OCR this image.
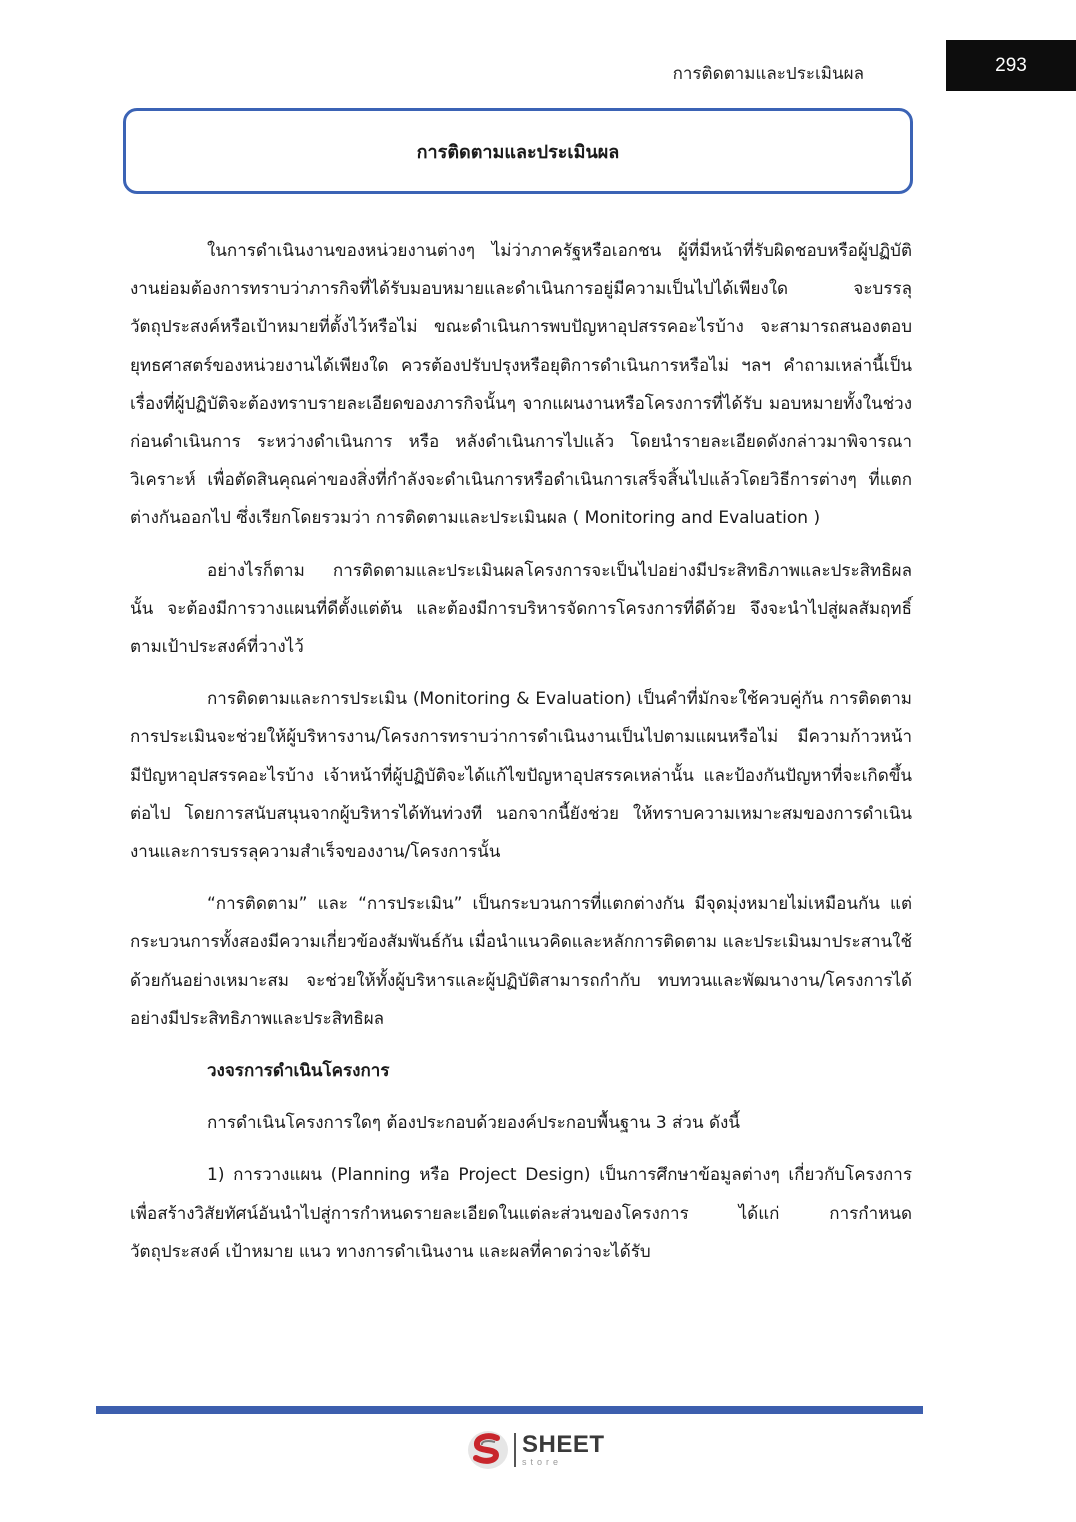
การติดตามและประเมินผล	293
การติดตามและประเมินผล

ในการดำเนินงานของหน่วยงานต่างๆ ไม่ว่าภาครัฐหรือเอกชน ผู้ที่มีหน้าที่รับผิดชอบหรือผู้ปฏิบัติงานย่อมต้องการทราบว่าภารกิจที่ได้รับมอบหมายและดำเนินการอยู่มีความเป็นไปได้เพียงใด จะบรรลุวัตถุประสงค์หรือเป้าหมายที่ตั้งไว้หรือไม่ ขณะดำเนินการพบปัญหาอุปสรรคอะไรบ้าง จะสามารถสนองตอบยุทธศาสตร์ของหน่วยงานได้เพียงใด ควรต้องปรับปรุงหรือยุติการดำเนินการหรือไม่ ฯลฯ คำถามเหล่านี้เป็นเรื่องที่ผู้ปฏิบัติจะต้องทราบรายละเอียดของภารกิจนั้นๆ จากแผนงานหรือโครงการที่ได้รับ มอบหมายทั้งในช่วงก่อนดำเนินการ ระหว่างดำเนินการ หรือ หลังดำเนินการไปแล้ว โดยนำรายละเอียดดังกล่าวมาพิจารณา วิเคราะห์ เพื่อตัดสินคุณค่าของสิ่งที่กำลังจะดำเนินการหรือดำเนินการเสร็จสิ้นไปแล้วโดยวิธีการต่างๆ ที่แตกต่างกันออกไป ซึ่งเรียกโดยรวมว่า การติดตามและประเมินผล ( Monitoring and Evaluation )

อย่างไรก็ตาม การติดตามและประเมินผลโครงการจะเป็นไปอย่างมีประสิทธิภาพและประสิทธิผลนั้น จะต้องมีการวางแผนที่ดีตั้งแต่ต้น และต้องมีการบริหารจัดการโครงการที่ดีด้วย จึงจะนำไปสู่ผลสัมฤทธิ์ตามเป้าประสงค์ที่วางไว้

การติดตามและการประเมิน (Monitoring & Evaluation) เป็นคำที่มักจะใช้ควบคู่กัน การติดตามการประเมินจะช่วยให้ผู้บริหารงาน/โครงการทราบว่าการดำเนินงานเป็นไปตามแผนหรือไม่ มีความก้าวหน้า มีปัญหาอุปสรรคอะไรบ้าง เจ้าหน้าที่ผู้ปฏิบัติจะได้แก้ไขปัญหาอุปสรรคเหล่านั้น และป้องกันปัญหาที่จะเกิดขึ้นต่อไป โดยการสนับสนุนจากผู้บริหารได้ทันท่วงที นอกจากนี้ยังช่วย ให้ทราบความเหมาะสมของการดำเนินงานและการบรรลุความสำเร็จของงาน/โครงการนั้น

“การติดตาม” และ “การประเมิน” เป็นกระบวนการที่แตกต่างกัน มีจุดมุ่งหมายไม่เหมือนกัน แต่กระบวนการทั้งสองมีความเกี่ยวข้องสัมพันธ์กัน เมื่อนำแนวคิดและหลักการติดตาม และประเมินมาประสานใช้ด้วยกันอย่างเหมาะสม จะช่วยให้ทั้งผู้บริหารและผู้ปฏิบัติสามารถกำกับ ทบทวนและพัฒนางาน/โครงการได้อย่างมีประสิทธิภาพและประสิทธิผล

วงจรการดำเนินโครงการ

การดำเนินโครงการใดๆ ต้องประกอบด้วยองค์ประกอบพื้นฐาน 3 ส่วน ดังนี้

1) การวางแผน (Planning หรือ Project Design) เป็นการศึกษาข้อมูลต่างๆ เกี่ยวกับโครงการเพื่อสร้างวิสัยทัศน์อันนำไปสู่การกำหนดรายละเอียดในแต่ละส่วนของโครงการ ได้แก่ การกำหนดวัตถุประสงค์ เป้าหมาย แนว ทางการดำเนินงาน และผลที่คาดว่าจะได้รับ

SHEET
store
